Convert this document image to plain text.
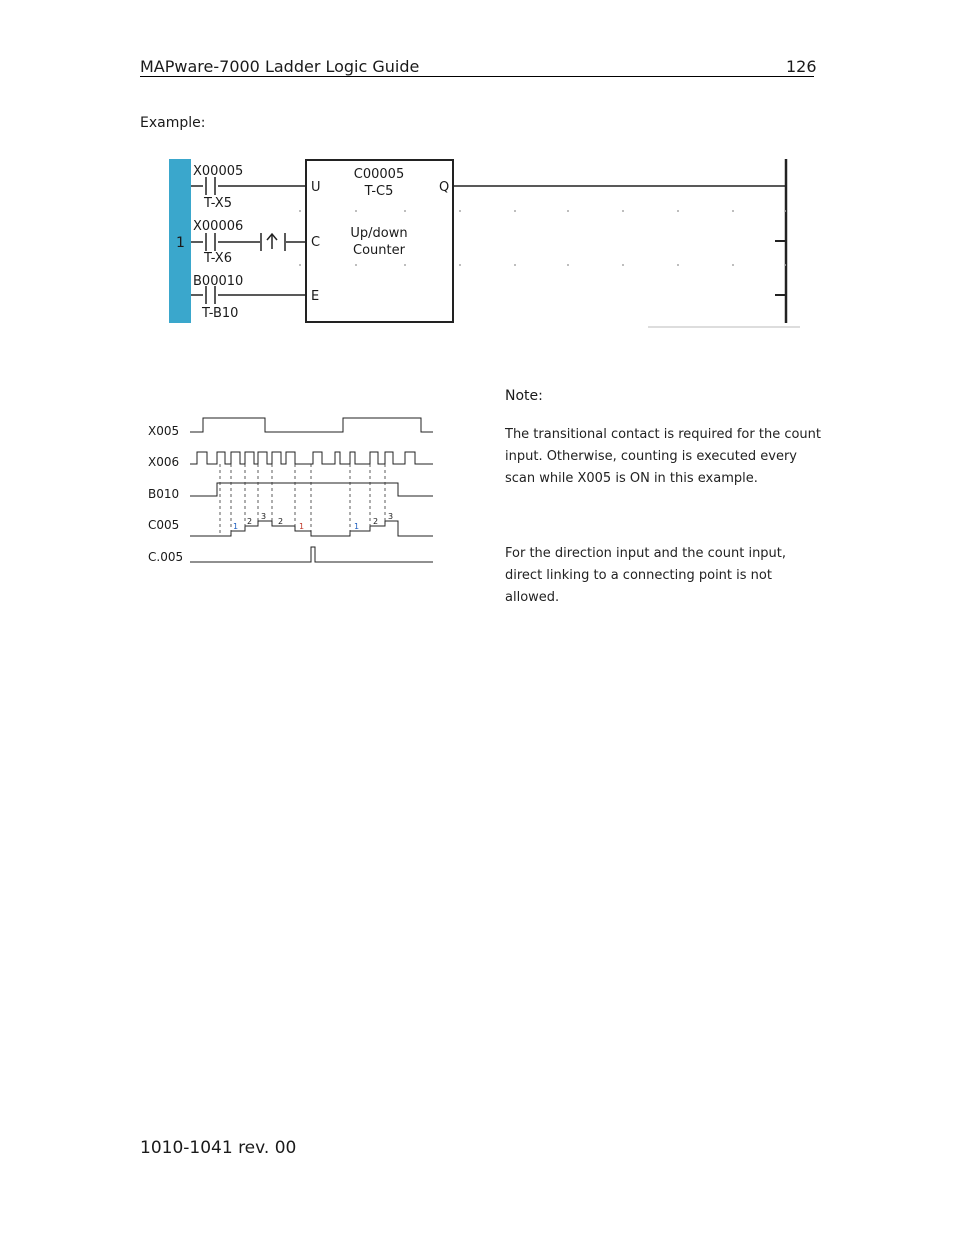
MAPware-7000 Ladder Logic Guide	126
Example:
1
X00005
T-X5
X00006
T-X6
B00010
T-B10
C00005
T-C5
Up/down
Counter
U
C
E
Q
X005
X006
B010
C005
C.005
1
2
3
2
1	1
2
3
Note:
The transitional contact is required for the count input. Otherwise, counting is executed every scan while X005 is ON in this example.
For the direction input and the count input, direct linking to a connecting point is not allowed.
1010-1041 rev. 00
